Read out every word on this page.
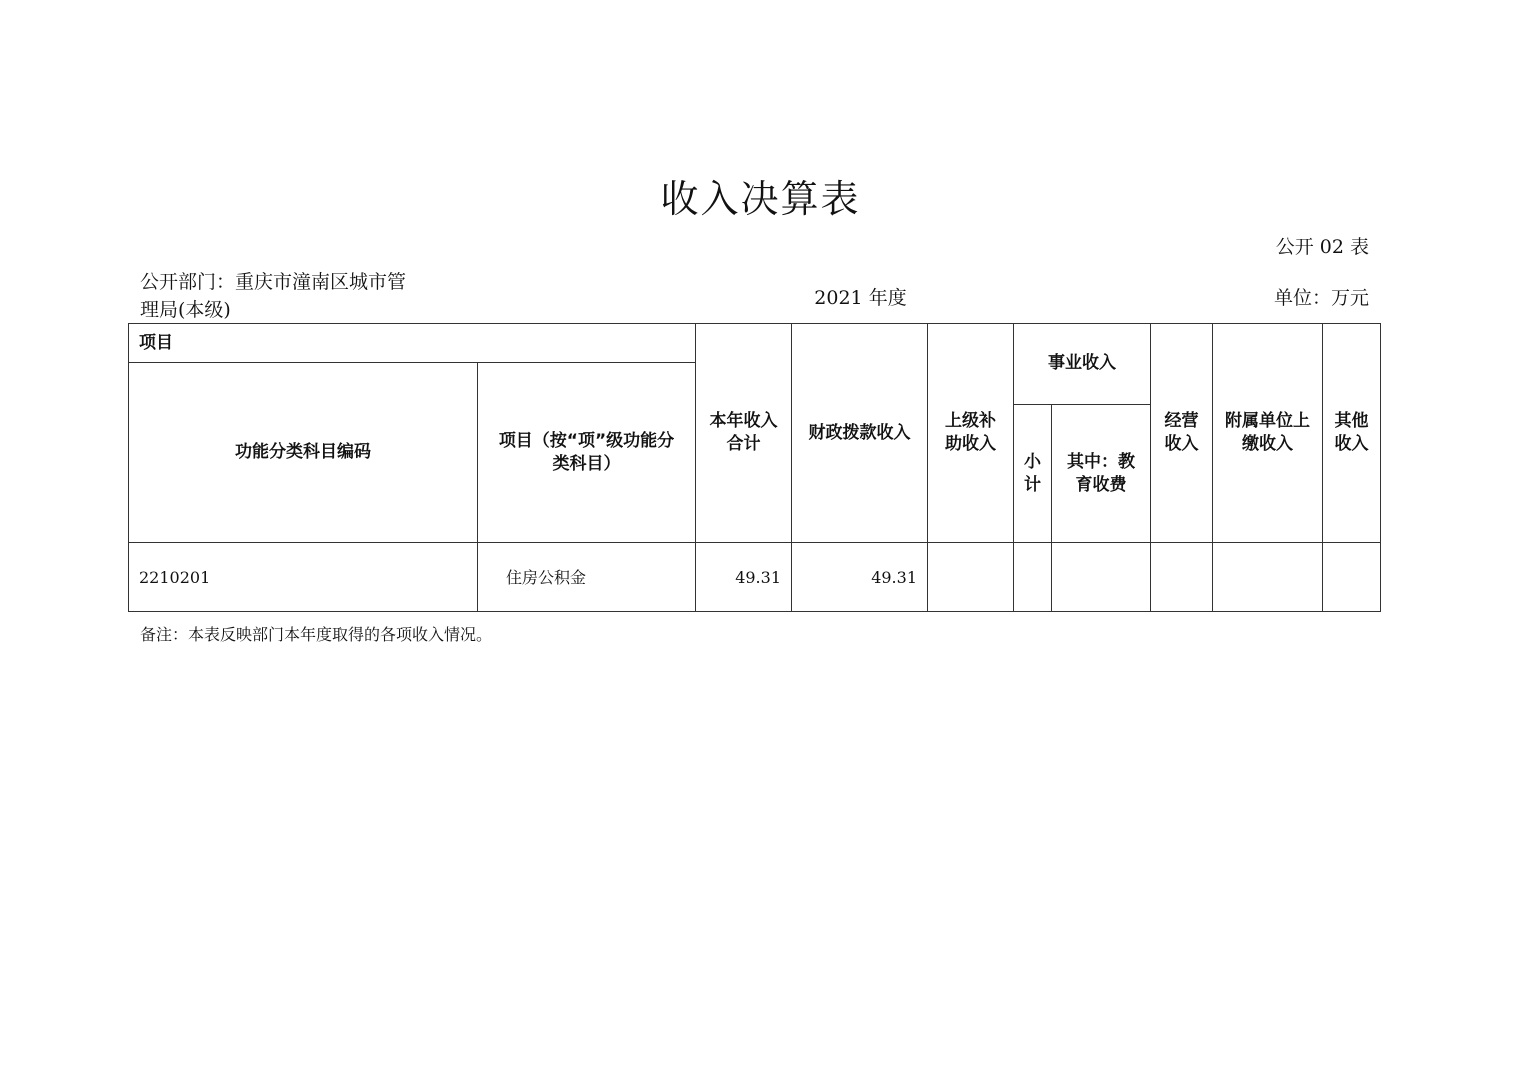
收入决算表
公开 02 表
公开部门：重庆市潼南区城市管理局(本级)
2021 年度	单位：万元
项目		本年收入合计	财政拨款收入	上级补助收入	事业收入		经营收入	附属单位上缴收入	其他收入
功能分类科目编码	项目（按“项”级功能分类科目）								
					小计	其中：教育收费			
2210201	住房公积金	49.31	49.31						
备注：本表反映部门本年度取得的各项收入情况。
